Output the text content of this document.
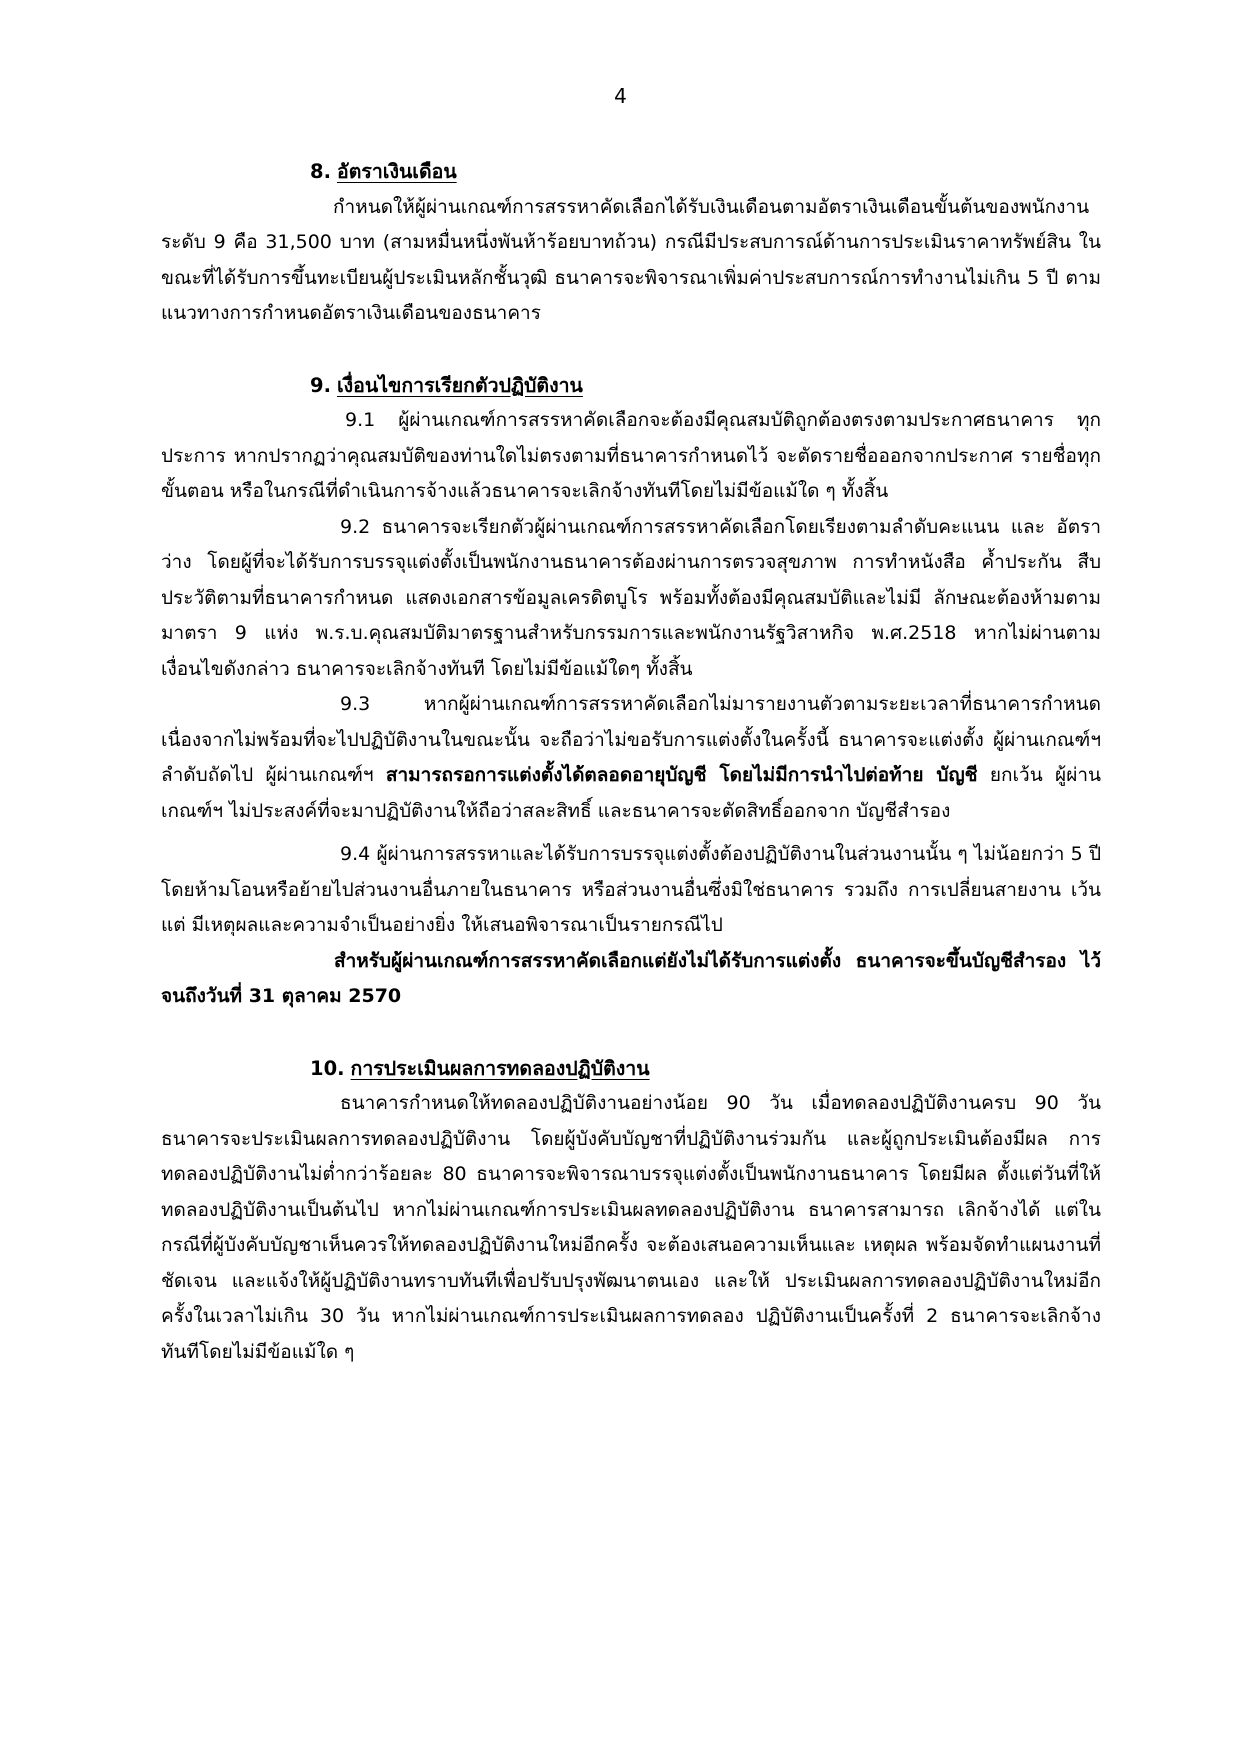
4

8. อัตราเงินเดือน

กำหนดให้ผู้ผ่านเกณฑ์การสรรหาคัดเลือกได้รับเงินเดือนตามอัตราเงินเดือนขั้นต้นของพนักงาน ระดับ 9 คือ 31,500 บาท (สามหมื่นหนึ่งพันห้าร้อยบาทถ้วน) กรณีมีประสบการณ์ด้านการประเมินราคาทรัพย์สิน ในขณะที่ได้รับการขึ้นทะเบียนผู้ประเมินหลักชั้นวุฒิ ธนาคารจะพิจารณาเพิ่มค่าประสบการณ์การทำงานไม่เกิน 5 ปี ตามแนวทางการกำหนดอัตราเงินเดือนของธนาคาร

9. เงื่อนไขการเรียกตัวปฏิบัติงาน

9.1 ผู้ผ่านเกณฑ์การสรรหาคัดเลือกจะต้องมีคุณสมบัติถูกต้องตรงตามประกาศธนาคาร ทุกประการ หากปรากฏว่าคุณสมบัติของท่านใดไม่ตรงตามที่ธนาคารกำหนดไว้ จะตัดรายชื่อออกจากประกาศ รายชื่อทุกขั้นตอน หรือในกรณีที่ดำเนินการจ้างแล้วธนาคารจะเลิกจ้างทันทีโดยไม่มีข้อแม้ใด ๆ ทั้งสิ้น

9.2 ธนาคารจะเรียกตัวผู้ผ่านเกณฑ์การสรรหาคัดเลือกโดยเรียงตามลำดับคะแนน และ อัตราว่าง โดยผู้ที่จะได้รับการบรรจุแต่งตั้งเป็นพนักงานธนาคารต้องผ่านการตรวจสุขภาพ การทำหนังสือ ค้ำประกัน สืบประวัติตามที่ธนาคารกำหนด แสดงเอกสารข้อมูลเครดิตบูโร พร้อมทั้งต้องมีคุณสมบัติและไม่มี ลักษณะต้องห้ามตามมาตรา 9 แห่ง พ.ร.บ.คุณสมบัติมาตรฐานสำหรับกรรมการและพนักงานรัฐวิสาหกิจ พ.ศ.2518 หากไม่ผ่านตามเงื่อนไขดังกล่าว ธนาคารจะเลิกจ้างทันที โดยไม่มีข้อแม้ใดๆ ทั้งสิ้น

9.3 หากผู้ผ่านเกณฑ์การสรรหาคัดเลือกไม่มารายงานตัวตามระยะเวลาที่ธนาคารกำหนด เนื่องจากไม่พร้อมที่จะไปปฏิบัติงานในขณะนั้น จะถือว่าไม่ขอรับการแต่งตั้งในครั้งนี้ ธนาคารจะแต่งตั้ง ผู้ผ่านเกณฑ์ฯ ลำดับถัดไป ผู้ผ่านเกณฑ์ฯ สามารถรอการแต่งตั้งได้ตลอดอายุบัญชี โดยไม่มีการนำไปต่อท้าย บัญชี ยกเว้น ผู้ผ่านเกณฑ์ฯ ไม่ประสงค์ที่จะมาปฏิบัติงานให้ถือว่าสละสิทธิ์ และธนาคารจะตัดสิทธิ์ออกจาก บัญชีสำรอง

9.4 ผู้ผ่านการสรรหาและได้รับการบรรจุแต่งตั้งต้องปฏิบัติงานในส่วนงานนั้น ๆ ไม่น้อยกว่า 5 ปี โดยห้ามโอนหรือย้ายไปส่วนงานอื่นภายในธนาคาร หรือส่วนงานอื่นซึ่งมิใช่ธนาคาร รวมถึง การเปลี่ยนสายงาน เว้นแต่ มีเหตุผลและความจำเป็นอย่างยิ่ง ให้เสนอพิจารณาเป็นรายกรณีไป

สำหรับผู้ผ่านเกณฑ์การสรรหาคัดเลือกแต่ยังไม่ได้รับการแต่งตั้ง ธนาคารจะขึ้นบัญชีสำรอง ไว้จนถึงวันที่ 31 ตุลาคม 2570

10. การประเมินผลการทดลองปฏิบัติงาน

ธนาคารกำหนดให้ทดลองปฏิบัติงานอย่างน้อย 90 วัน เมื่อทดลองปฏิบัติงานครบ 90 วัน ธนาคารจะประเมินผลการทดลองปฏิบัติงาน โดยผู้บังคับบัญชาที่ปฏิบัติงานร่วมกัน และผู้ถูกประเมินต้องมีผล การทดลองปฏิบัติงานไม่ต่ำกว่าร้อยละ 80 ธนาคารจะพิจารณาบรรจุแต่งตั้งเป็นพนักงานธนาคาร โดยมีผล ตั้งแต่วันที่ให้ทดลองปฏิบัติงานเป็นต้นไป หากไม่ผ่านเกณฑ์การประเมินผลทดลองปฏิบัติงาน ธนาคารสามารถ เลิกจ้างได้ แต่ในกรณีที่ผู้บังคับบัญชาเห็นควรให้ทดลองปฏิบัติงานใหม่อีกครั้ง จะต้องเสนอความเห็นและ เหตุผล พร้อมจัดทำแผนงานที่ชัดเจน และแจ้งให้ผู้ปฏิบัติงานทราบทันทีเพื่อปรับปรุงพัฒนาตนเอง และให้ ประเมินผลการทดลองปฏิบัติงานใหม่อีกครั้งในเวลาไม่เกิน 30 วัน หากไม่ผ่านเกณฑ์การประเมินผลการทดลอง ปฏิบัติงานเป็นครั้งที่ 2 ธนาคารจะเลิกจ้างทันทีโดยไม่มีข้อแม้ใด ๆ
